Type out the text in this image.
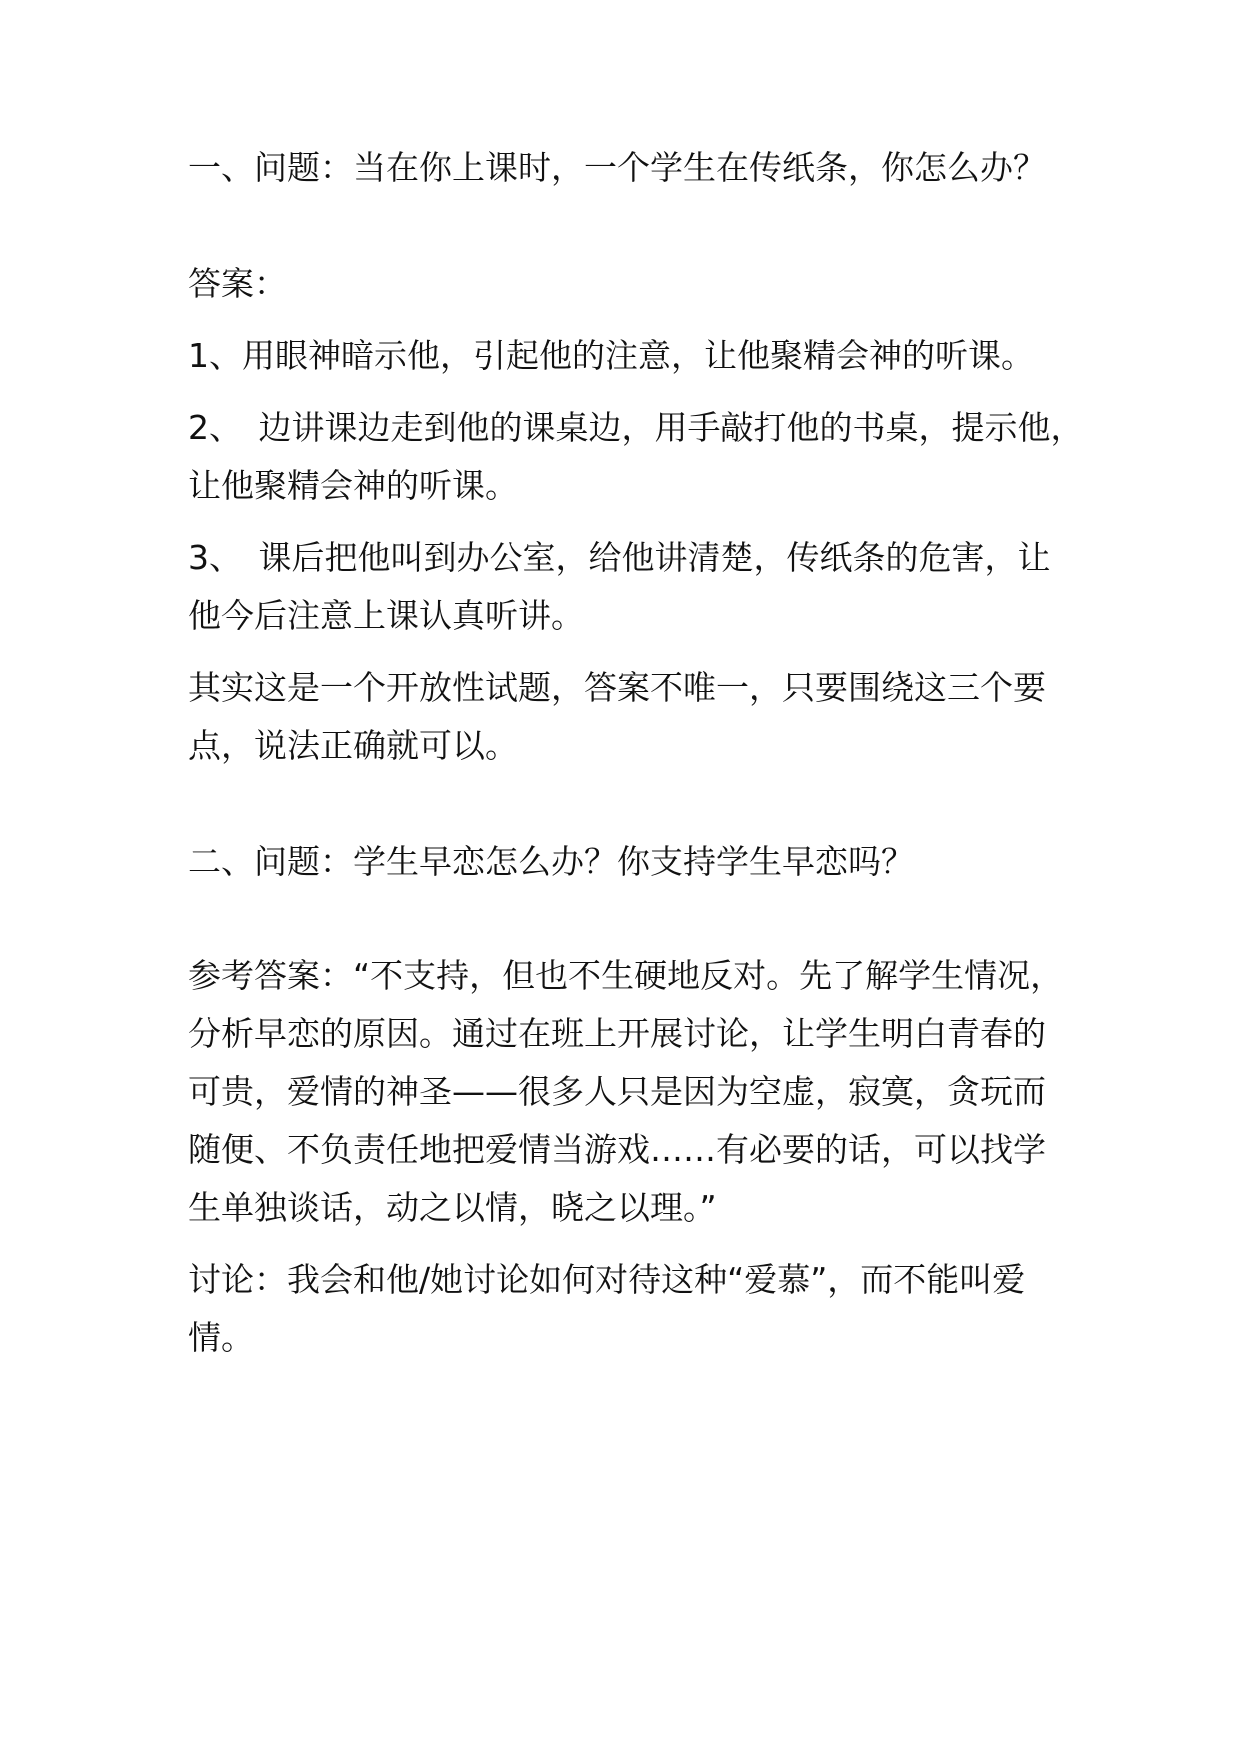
一、问题：当在你上课时，一个学生在传纸条，你怎么办？
答案：
1、用眼神暗示他，引起他的注意，让他聚精会神的听课。
2、　边讲课边走到他的课桌边，用手敲打他的书桌，提示他，
让他聚精会神的听课。
3、　课后把他叫到办公室，给他讲清楚，传纸条的危害，让
他今后注意上课认真听讲。
其实这是一个开放性试题，答案不唯一，只要围绕这三个要
点，说法正确就可以。
二、问题：学生早恋怎么办？你支持学生早恋吗？
参考答案：“不支持，但也不生硬地反对。先了解学生情况，
分析早恋的原因。通过在班上开展讨论，让学生明白青春的
可贵，爱情的神圣——很多人只是因为空虚，寂寞，贪玩而
随便、不负责任地把爱情当游戏……有必要的话，可以找学
生单独谈话，动之以情，晓之以理。”
讨论：我会和他/她讨论如何对待这种“爱慕”，而不能叫爱
情。
